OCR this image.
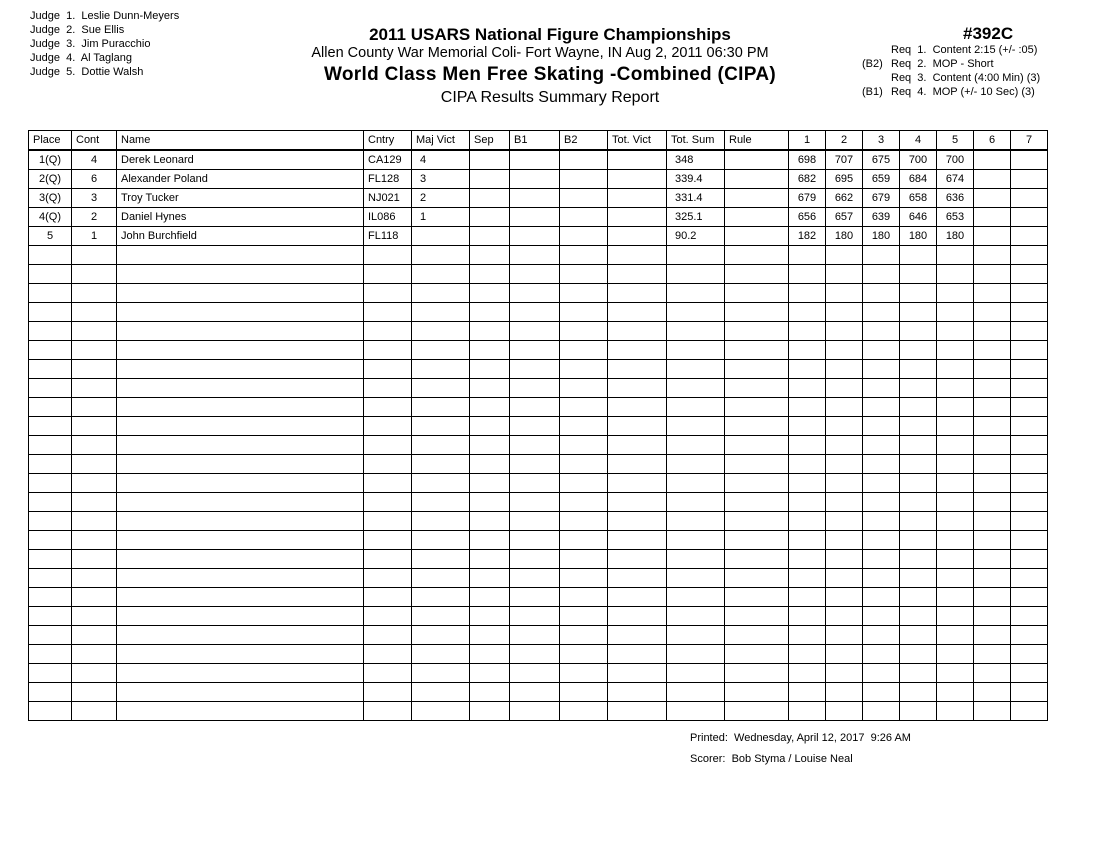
Judge  1. Leslie Dunn-Meyers
Judge  2. Sue Ellis
Judge  3. Jim Puracchio
Judge  4. Al Taglang
Judge  5. Dottie Walsh
2011 USARS National Figure Championships
Allen County War Memorial Coli- Fort Wayne, IN Aug 2, 2011 06:30 PM
World Class Men Free Skating -Combined (CIPA)
CIPA Results Summary Report
#392C
Req  1.  Content 2:15 (+/- :05)
(B2) Req  2.  MOP - Short
Req  3.  Content (4:00 Min) (3)
(B1) Req  4.  MOP (+/- 10 Sec) (3)
Place	Cont	Name	Cntry	Maj Vict	Sep	B1	B2	Tot. Vict	Tot. Sum	Rule	1	2	3	4	5	6	7
1(Q)	4	Derek Leonard	CA129	4					348		698	707	675	700	700		
2(Q)	6	Alexander Poland	FL128	3					339.4		682	695	659	684	674		
3(Q)	3	Troy Tucker	NJ021	2					331.4		679	662	679	658	636		
4(Q)	2	Daniel Hynes	IL086	1					325.1		656	657	639	646	653		
5	1	John Burchfield	FL118						90.2		182	180	180	180	180		

Printed:  Wednesday, April 12, 2017  9:26 AM
Scorer:  Bob Styma / Louise Neal
